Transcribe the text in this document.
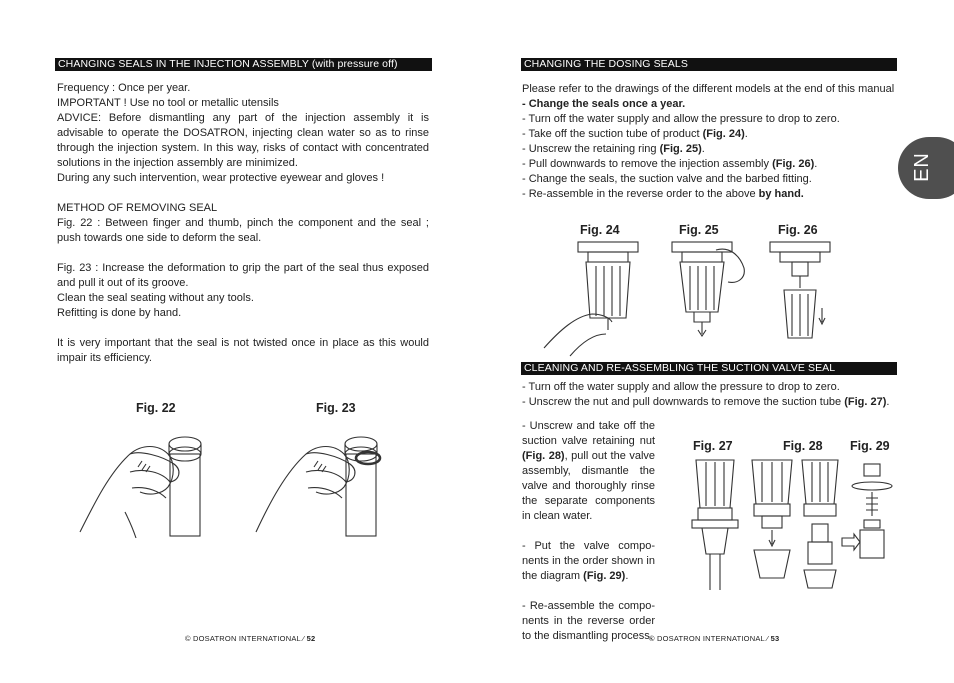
CHANGING SEALS IN THE INJECTION ASSEMBLY (with pressure off)

Frequency : Once per year.

IMPORTANT ! Use no tool or metallic utensils

ADVICE: Before dismantling any part of the injection assembly it is advisable to operate the DOSATRON, injecting clean water so as to rinse through the injection system. In this way, risks of contact with concentrated solutions in the injection assembly are minimized.

During any such intervention, wear protective eyewear and gloves !

METHOD OF REMOVING SEAL

Fig. 22 : Between finger and thumb, pinch the component and the seal ; push towards one side to deform the seal.

Fig. 23 : Increase the deformation to grip the part of the seal thus exposed and pull it out of its groove.

Clean the seal seating without any tools.

Refitting is done by hand.

It is very important that the seal is not twisted once in place as this would impair its efficiency.

Fig. 22	Fig. 23
© DOSATRON INTERNATIONAL ⁄ 52
CHANGING THE DOSING SEALS

Please refer to the drawings of the different models at the end of this manual

- Change the seals once a year.

- Turn off the water supply and allow the pressure to drop to zero.

- Take off the suction tube of product (Fig. 24).

- Unscrew the retaining ring (Fig. 25).

- Pull downwards to remove the injection assembly (Fig. 26).

- Change the seals, the suction valve and the barbed fitting.

- Re-assemble in the reverse order to the above by hand.

Fig. 24	Fig. 25	Fig. 26
CLEANING AND RE-ASSEMBLING THE SUCTION VALVE SEAL

- Turn off the water supply and allow the pressure to drop to zero.

- Unscrew the nut and pull downwards to remove the suction tube (Fig. 27).

- Unscrew and take off the suction valve retaining nut (Fig. 28), pull out the valve assembly, dismantle the valve and thoroughly rinse the separate components in clean water.

- Put the valve compo- nents in the order shown in the diagram (Fig. 29).

- Re-assemble the compo- nents in the reverse order to the dismantling process.

Fig. 27	Fig. 28 Fig. 29
© DOSATRON INTERNATIONAL ⁄ 53
EN
